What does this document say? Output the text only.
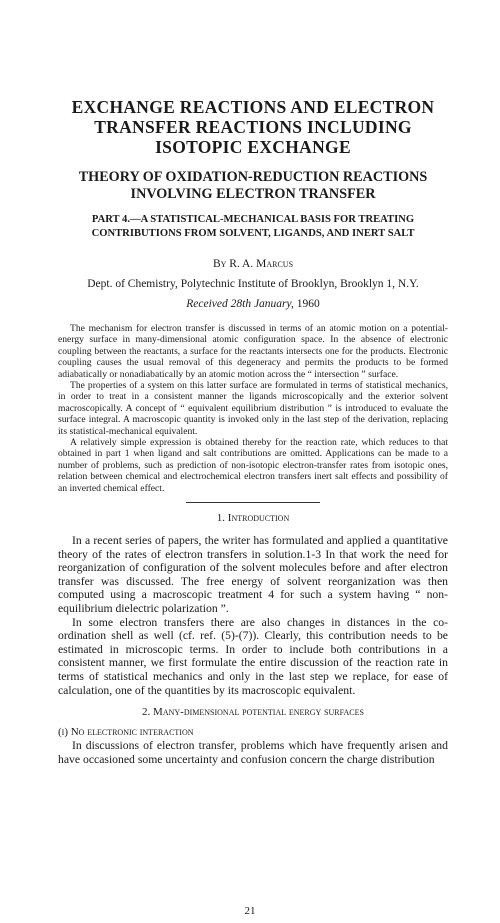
EXCHANGE REACTIONS AND ELECTRON TRANSFER REACTIONS INCLUDING ISOTOPIC EXCHANGE
THEORY OF OXIDATION-REDUCTION REACTIONS INVOLVING ELECTRON TRANSFER
PART 4.—A STATISTICAL-MECHANICAL BASIS FOR TREATING CONTRIBUTIONS FROM SOLVENT, LIGANDS, AND INERT SALT
By R. A. Marcus
Dept. of Chemistry, Polytechnic Institute of Brooklyn, Brooklyn 1, N.Y.
Received 28th January, 1960

The mechanism for electron transfer is discussed in terms of an atomic motion on a potential-energy surface in many-dimensional atomic configuration space. In the absence of electronic coupling between the reactants, a surface for the reactants intersects one for the products. Electronic coupling causes the usual removal of this degeneracy and permits the products to be formed adiabatically or nonadiabatically by an atomic motion across the “ intersection ” surface.

The properties of a system on this latter surface are formulated in terms of statistical mechanics, in order to treat in a consistent manner the ligands microscopically and the exterior solvent macroscopically. A concept of “ equivalent equilibrium distribution ” is introduced to evaluate the surface integral. A macroscopic quantity is invoked only in the last step of the derivation, replacing its statistical-mechanical equivalent.

A relatively simple expression is obtained thereby for the reaction rate, which reduces to that obtained in part 1 when ligand and salt contributions are omitted. Applications can be made to a number of problems, such as prediction of non-isotopic electron-transfer rates from isotopic ones, relation between chemical and electrochemical electron transfers inert salt effects and possibility of an inverted chemical effect.

1. Introduction

In a recent series of papers, the writer has formulated and applied a quantitative theory of the rates of electron transfers in solution.1-3 In that work the need for reorganization of configuration of the solvent molecules before and after electron transfer was discussed. The free energy of solvent reorganization was then computed using a macroscopic treatment 4 for such a system having “ non-equilibrium dielectric polarization ”.

In some electron transfers there are also changes in distances in the co-ordination shell as well (cf. ref. (5)-(7)). Clearly, this contribution needs to be estimated in microscopic terms. In order to include both contributions in a consistent manner, we first formulate the entire discussion of the reaction rate in terms of statistical mechanics and only in the last step we replace, for ease of calculation, one of the quantities by its macroscopic equivalent.

2. Many-dimensional potential energy surfaces
(i) No electronic interaction

In discussions of electron transfer, problems which have frequently arisen and have occasioned some uncertainty and confusion concern the charge distribution

21
